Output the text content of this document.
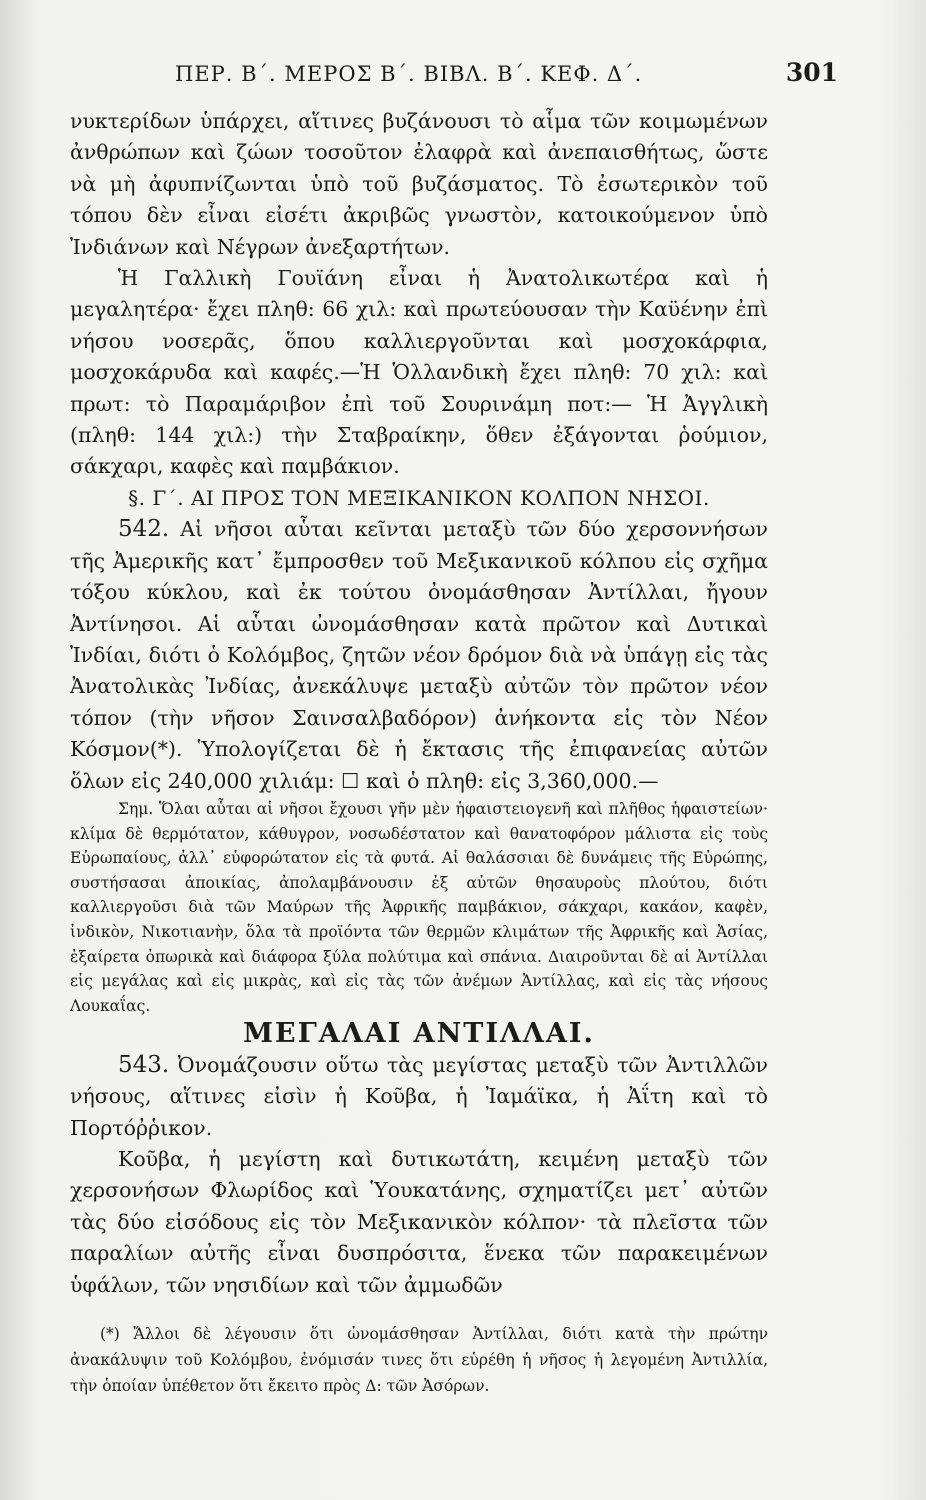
ΠΕΡ. Β΄. ΜΕΡΟΣ Β΄. ΒΙΒΛ. Β΄. ΚΕΦ. Δ΄.	301

νυκτερίδων ὑπάρχει, αἵτινες βυζάνουσι τὸ αἷμα τῶν κοιμωμένων ἀνθρώπων καὶ ζώων τοσοῦτον ἐλαφρὰ καὶ ἀνεπαισθήτως, ὥστε νὰ μὴ ἀφυπνίζωνται ὑπὸ τοῦ βυζάσματος. Τὸ ἐσωτερικὸν τοῦ τόπου δὲν εἶναι εἰσέτι ἀκριβῶς γνωστὸν, κατοικούμενον ὑπὸ Ἰνδιάνων καὶ Νέγρων ἀνεξαρτήτων.

Ἡ Γαλλικὴ Γουϊάνη εἶναι ἡ Ἀνατολικωτέρα καὶ ἡ μεγαλητέρα· ἔχει πληθ: 66 χιλ: καὶ πρωτεύουσαν τὴν Καϋένην ἐπὶ νήσου νοσερᾶς, ὅπου καλλιεργοῦνται καὶ μοσχοκάρφια, μοσχοκάρυδα καὶ καφές.—Ἡ Ὁλλανδικὴ ἔχει πληθ: 70 χιλ: καὶ πρωτ: τὸ Παραμάριβον ἐπὶ τοῦ Σουρινάμη ποτ:— Ἡ Ἀγγλικὴ (πληθ: 144 χιλ:) τὴν Σταβραίκην, ὅθεν ἐξάγονται ῥούμιον, σάκχαρι, καφὲς καὶ παμβάκιον.

§. Γ΄. ΑΙ ΠΡΟΣ ΤΟΝ ΜΕΞΙΚΑΝΙΚΟΝ ΚΟΛΠΟΝ ΝΗΣΟΙ.

542. Αἱ νῆσοι αὗται κεῖνται μεταξὺ τῶν δύο χερσοννήσων τῆς Ἀμερικῆς κατ᾽ ἔμπροσθεν τοῦ Μεξικανικοῦ κόλπου εἰς σχῆμα τόξου κύκλου, καὶ ἐκ τούτου ὀνομάσθησαν Ἀντίλλαι, ἤγουν Ἀντίνησοι. Αἱ αὗται ὠνομάσθησαν κατὰ πρῶτον καὶ Δυτικαὶ Ἰνδίαι, διότι ὁ Κολόμβος, ζητῶν νέον δρόμον διὰ νὰ ὑπάγῃ εἰς τὰς Ἀνατολικὰς Ἰνδίας, ἀνεκάλυψε μεταξὺ αὐτῶν τὸν πρῶτον νέον τόπον (τὴν νῆσον Σαινσαλβαδόρον) ἀνήκοντα εἰς τὸν Νέον Κόσμον(*). Ὑπολογίζεται δὲ ἡ ἔκτασις τῆς ἐπιφανείας αὐτῶν ὅλων εἰς 240,000 χιλιάμ: ☐ καὶ ὁ πληθ: εἰς 3,360,000.—

Σημ. Ὅλαι αὗται αἱ νῆσοι ἔχουσι γῆν μὲν ἡφαιστειογενῆ καὶ πλῆθος ἡφαιστείων· κλίμα δὲ θερμότατον, κάθυγρον, νοσωδέστατον καὶ θανατοφόρον μάλιστα εἰς τοὺς Εὐρωπαίους, ἀλλ᾽ εὐφορώτατον εἰς τὰ φυτά. Αἱ θαλάσσιαι δὲ δυνάμεις τῆς Εὐρώπης, συστήσασαι ἀποικίας, ἀπολαμβάνουσιν ἐξ αὐτῶν θησαυροὺς πλούτου, διότι καλλιεργοῦσι διὰ τῶν Μαύρων τῆς Ἀφρικῆς παμβάκιον, σάκχαρι, κακάον, καφὲν, ἰνδικὸν, Νικοτιανὴν, ὅλα τὰ προϊόντα τῶν θερμῶν κλιμάτων τῆς Ἀφρικῆς καὶ Ἀσίας, ἐξαίρετα ὀπωρικὰ καὶ διάφορα ξύλα πολύτιμα καὶ σπάνια. Διαιροῦνται δὲ αἱ Ἀντίλλαι εἰς μεγάλας καὶ εἰς μικρὰς, καὶ εἰς τὰς τῶν ἀνέμων Ἀντίλλας, καὶ εἰς τὰς νήσους Λουκαΐας.

ΜΕΓΑΛΑΙ ΑΝΤΙΛΛΑΙ.

543. Ὀνομάζουσιν οὕτω τὰς μεγίστας μεταξὺ τῶν Ἀντιλλῶν νήσους, αἵτινες εἰσὶν ἡ Κοῦβα, ἡ Ἰαμάϊκα, ἡ Ἀΐτη καὶ τὸ Πορτόῤῥικον.

Κοῦβα, ἡ μεγίστη καὶ δυτικωτάτη, κειμένη μεταξὺ τῶν χερσονήσων Φλωρίδος καὶ Ὑουκατάνης, σχηματίζει μετ᾽ αὐτῶν τὰς δύο εἰσόδους εἰς τὸν Μεξικανικὸν κόλπον· τὰ πλεῖστα τῶν παραλίων αὐτῆς εἶναι δυσπρόσιτα, ἕνεκα τῶν παρακειμένων ὑφάλων, τῶν νησιδίων καὶ τῶν ἀμμωδῶν

(*) Ἄλλοι δὲ λέγουσιν ὅτι ὠνομάσθησαν Ἀντίλλαι, διότι κατὰ τὴν πρώτην ἀνακάλυψιν τοῦ Κολόμβου, ἐνόμισάν τινες ὅτι εὑρέθη ἡ νῆσος ἡ λεγομένη Ἀντιλλία, τὴν ὁποίαν ὑπέθετον ὅτι ἔκειτο πρὸς Δ: τῶν Ἀσόρων.
